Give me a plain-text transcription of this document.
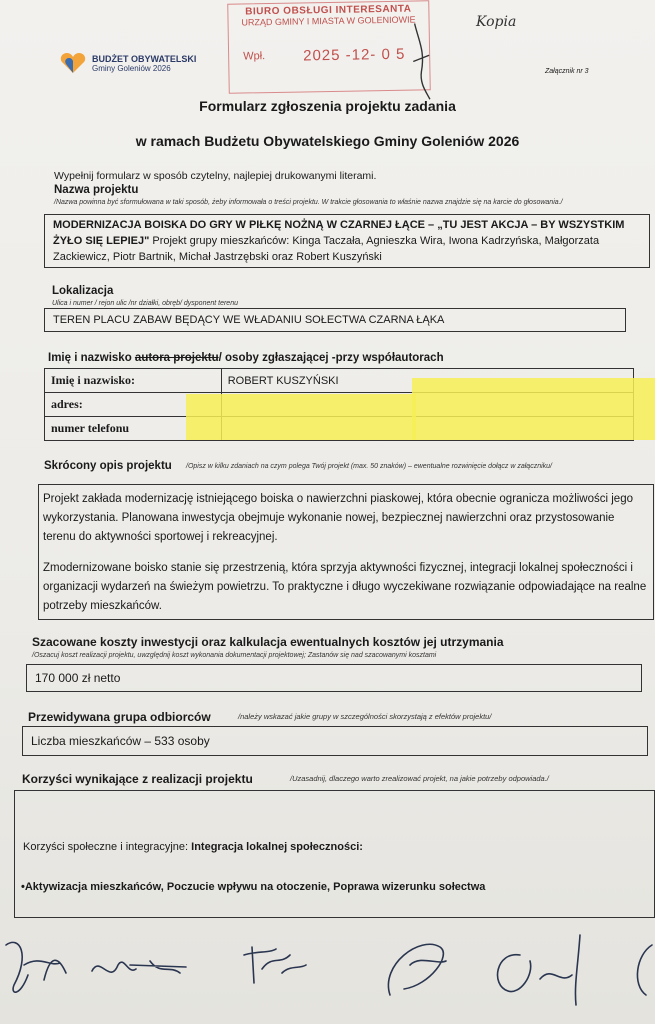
BIURO OBSŁUGI INTERESANTA
URZĄD GMINY I MIASTA W GOLENIOWIE
Wpł.	2025 -12- 0 5
Kopia
BUDŻET OBYWATELSKI
Gminy Goleniów 2026	Załącznik nr 3
Formularz zgłoszenia projektu zadania
w ramach Budżetu Obywatelskiego Gminy Goleniów 2026
Wypełnij formularz w sposób czytelny, najlepiej drukowanymi literami.
Nazwa projektu
/Nazwa powinna być sformułowana w taki sposób, żeby informowała o treści projektu. W trakcie głosowania to właśnie nazwa znajdzie się na karcie do głosowania./
MODERNIZACJA BOISKA DO GRY W PIŁKĘ NOŻNĄ W CZARNEJ ŁĄCE – „TU JEST AKCJA – BY WSZYSTKIM ŻYŁO SIĘ LEPIEJ" Projekt grupy mieszkańców: Kinga Taczała, Agnieszka Wira, Iwona Kadrzyńska, Małgorzata Zackiewicz, Piotr Bartnik, Michał Jastrzębski oraz Robert Kuszyński
Lokalizacja
Ulica i numer / rejon ulic /nr działki, obręb/ dysponent terenu
TEREN PLACU ZABAW BĘDĄCY WE WŁADANIU SOŁECTWA CZARNA ŁĄKA
Imię i nazwisko autora projektu/ osoby zgłaszającej -przy współautorach
Imię i nazwisko:	ROBERT KUSZYŃSKI
adres:	
numer telefonu	
Skrócony opis projektu /Opisz w kilku zdaniach na czym polega Twój projekt (max. 50 znaków) – ewentualne rozwinięcie dołącz w załączniku/

Projekt zakłada modernizację istniejącego boiska o nawierzchni piaskowej, która obecnie ogranicza możliwości jego wykorzystania. Planowana inwestycja obejmuje wykonanie nowej, bezpiecznej nawierzchni oraz przystosowanie terenu do aktywności sportowej i rekreacyjnej.

Zmodernizowane boisko stanie się przestrzenią, która sprzyja aktywności fizycznej, integracji lokalnej społeczności i organizacji wydarzeń na świeżym powietrzu. To praktyczne i długo wyczekiwane rozwiązanie odpowiadające na realne potrzeby mieszkańców.

Szacowane koszty inwestycji oraz kalkulacja ewentualnych kosztów jej utrzymania
/Oszacuj koszt realizacji projektu, uwzględnij koszt wykonania dokumentacji projektowej; Zastanów się nad szacowanymi kosztami
170 000 zł netto
Przewidywana grupa odbiorców	/należy wskazać jakie grupy w szczególności skorzystają z efektów projektu/
Liczba mieszkańców – 533 osoby
Korzyści wynikające z realizacji projektu	/Uzasadnij, dlaczego warto zrealizować projekt, na jakie potrzeby odpowiada./
Korzyści społeczne i integracyjne: Integracja lokalnej społeczności:
•Aktywizacja mieszkańców, Poczucie wpływu na otoczenie, Poprawa wizerunku sołectwa
